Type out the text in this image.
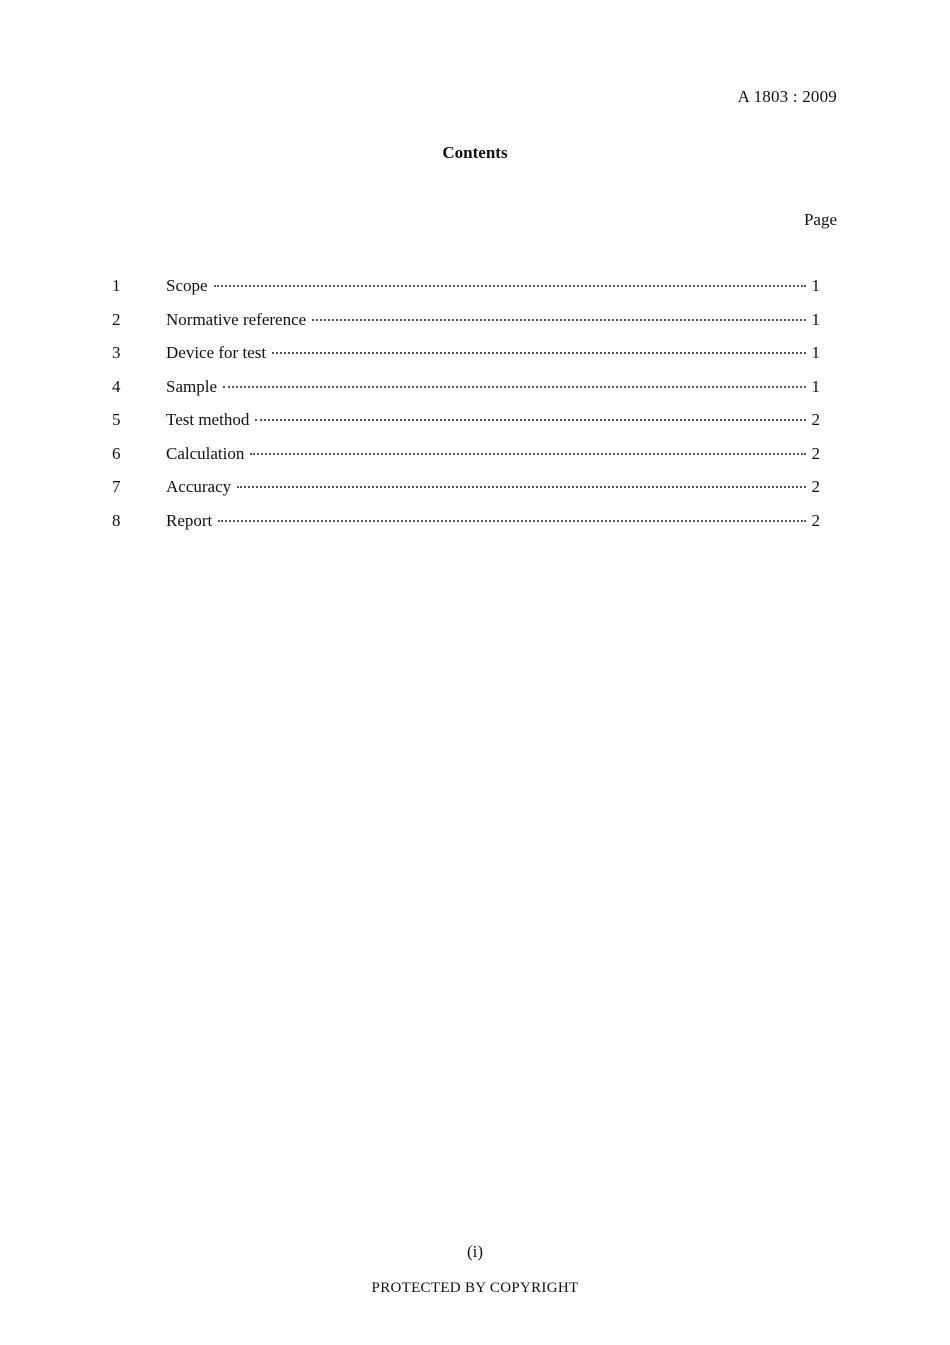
A 1803 : 2009
Contents
Page
1	Scope	1
2	Normative reference	1
3	Device for test	1
4	Sample	1
5	Test method	2
6	Calculation	2
7	Accuracy	2
8	Report	2
(i)
PROTECTED BY COPYRIGHT
